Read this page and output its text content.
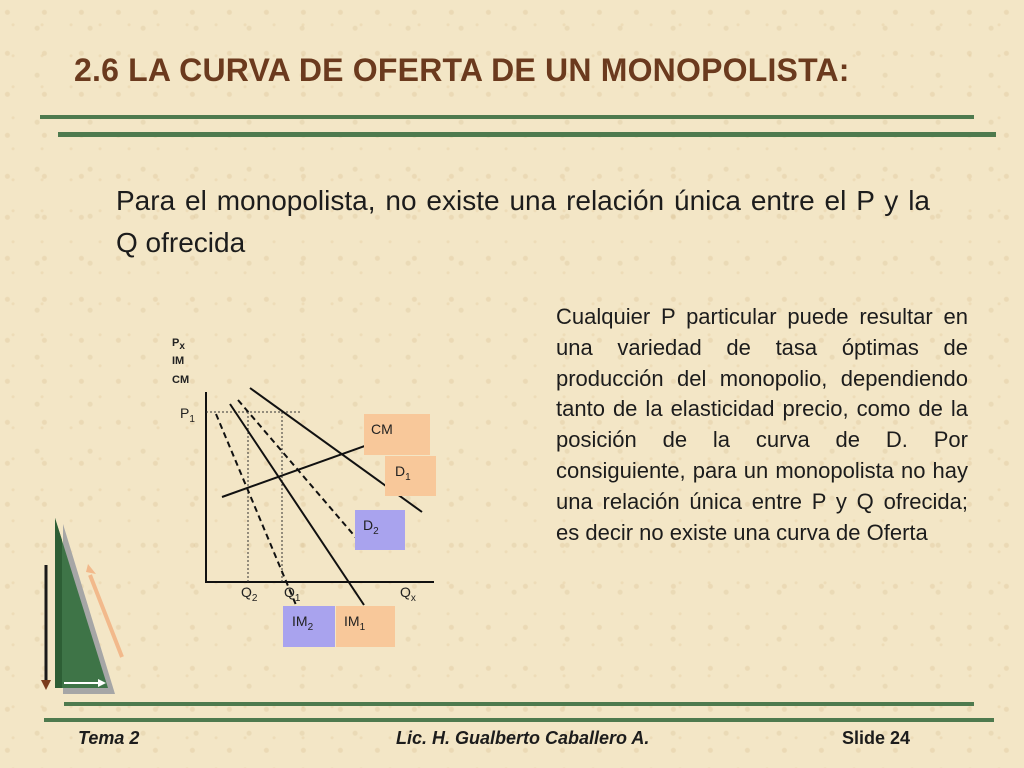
2.6 LA CURVA DE OFERTA DE UN MONOPOLISTA:
Para el monopolista, no existe una relación única entre el P y la Q ofrecida
Px
IM
CM
$P_1$
CM
$D_1$
$D_2$
$IM_2$ $IM_1$
$Q_2$ $Q_1$	$Q_x$
Cualquier P particular puede resultar en una variedad de tasa óptimas de producción del monopolio, dependiendo tanto de la elasticidad precio, como de la posición de la curva de D. Por consiguiente, para un monopolista no hay una relación única entre P y Q ofrecida; es decir no existe una curva de Oferta
Tema 2	Lic. H. Gualberto Caballero A.	Slide 24
